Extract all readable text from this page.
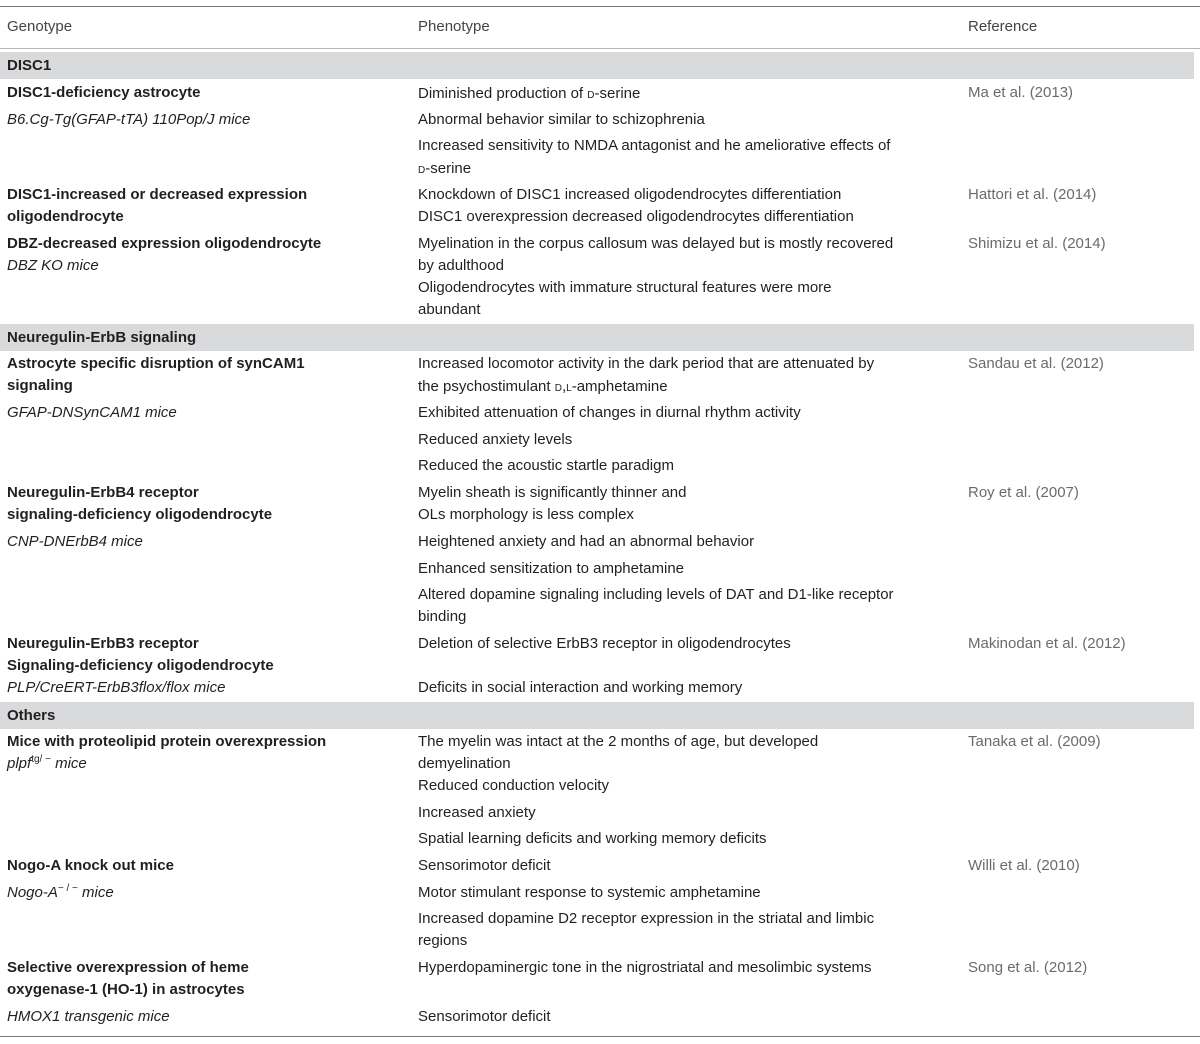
Genotype	Phenotype	Reference
DISC1
DISC1-deficiency astrocyte
B6.Cg-Tg(GFAP-tTA) 110Pop/J mice
Diminished production of d-serine
Abnormal behavior similar to schizophrenia
Increased sensitivity to NMDA antagonist and he ameliorative effects of
d-serine
Ma et al. (2013)
DISC1-increased or decreased expression
oligodendrocyte
Knockdown of DISC1 increased oligodendrocytes differentiation
DISC1 overexpression decreased oligodendrocytes differentiation
Hattori et al. (2014)
DBZ-decreased expression oligodendrocyte
DBZ KO mice
Myelination in the corpus callosum was delayed but is mostly recovered
by adulthood
Oligodendrocytes with immature structural features were more
abundant
Shimizu et al. (2014)
Neuregulin-ErbB signaling
Astrocyte specific disruption of synCAM1
signaling
GFAP-DNSynCAM1 mice
Increased locomotor activity in the dark period that are attenuated by
the psychostimulant d,l-amphetamine
Exhibited attenuation of changes in diurnal rhythm activity
Reduced anxiety levels
Reduced the acoustic startle paradigm
Sandau et al. (2012)
Neuregulin-ErbB4 receptor
signaling-deficiency oligodendrocyte
CNP-DNErbB4 mice
Myelin sheath is significantly thinner and
OLs morphology is less complex
Heightened anxiety and had an abnormal behavior
Enhanced sensitization to amphetamine
Altered dopamine signaling including levels of DAT and D1-like receptor
binding
Roy et al. (2007)
Neuregulin-ErbB3 receptor
Signaling-deficiency oligodendrocyte
PLP/CreERT-ErbB3flox/flox mice
Deletion of selective ErbB3 receptor in oligodendrocytes
Deficits in social interaction and working memory
Makinodan et al. (2012)
Others
Mice with proteolipid protein overexpression
plpf$^{tg/ -}$ mice
The myelin was intact at the 2 months of age, but developed
demyelination
Reduced conduction velocity
Increased anxiety
Spatial learning deficits and working memory deficits
Tanaka et al. (2009)
Nogo-A knock out mice
Nogo-A− / − mice
Sensorimotor deficit
Motor stimulant response to systemic amphetamine
Increased dopamine D2 receptor expression in the striatal and limbic
regions
Willi et al. (2010)
Selective overexpression of heme
oxygenase-1 (HO-1) in astrocytes
HMOX1 transgenic mice
Hyperdopaminergic tone in the nigrostriatal and mesolimbic systems
Sensorimotor deficit
Song et al. (2012)
